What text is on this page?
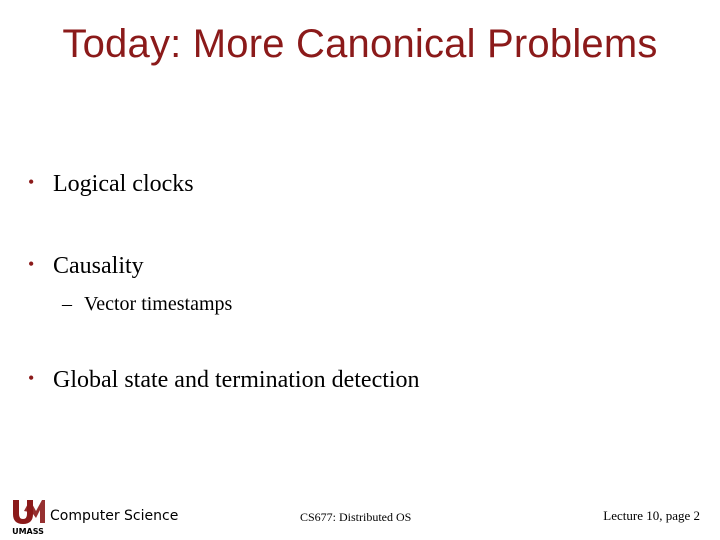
Today: More Canonical Problems
• Logical clocks
• Causality
– Vector timestamps
• Global state and termination detection
UMASS
Computer Science	CS677: Distributed OS	Lecture 10, page 2
